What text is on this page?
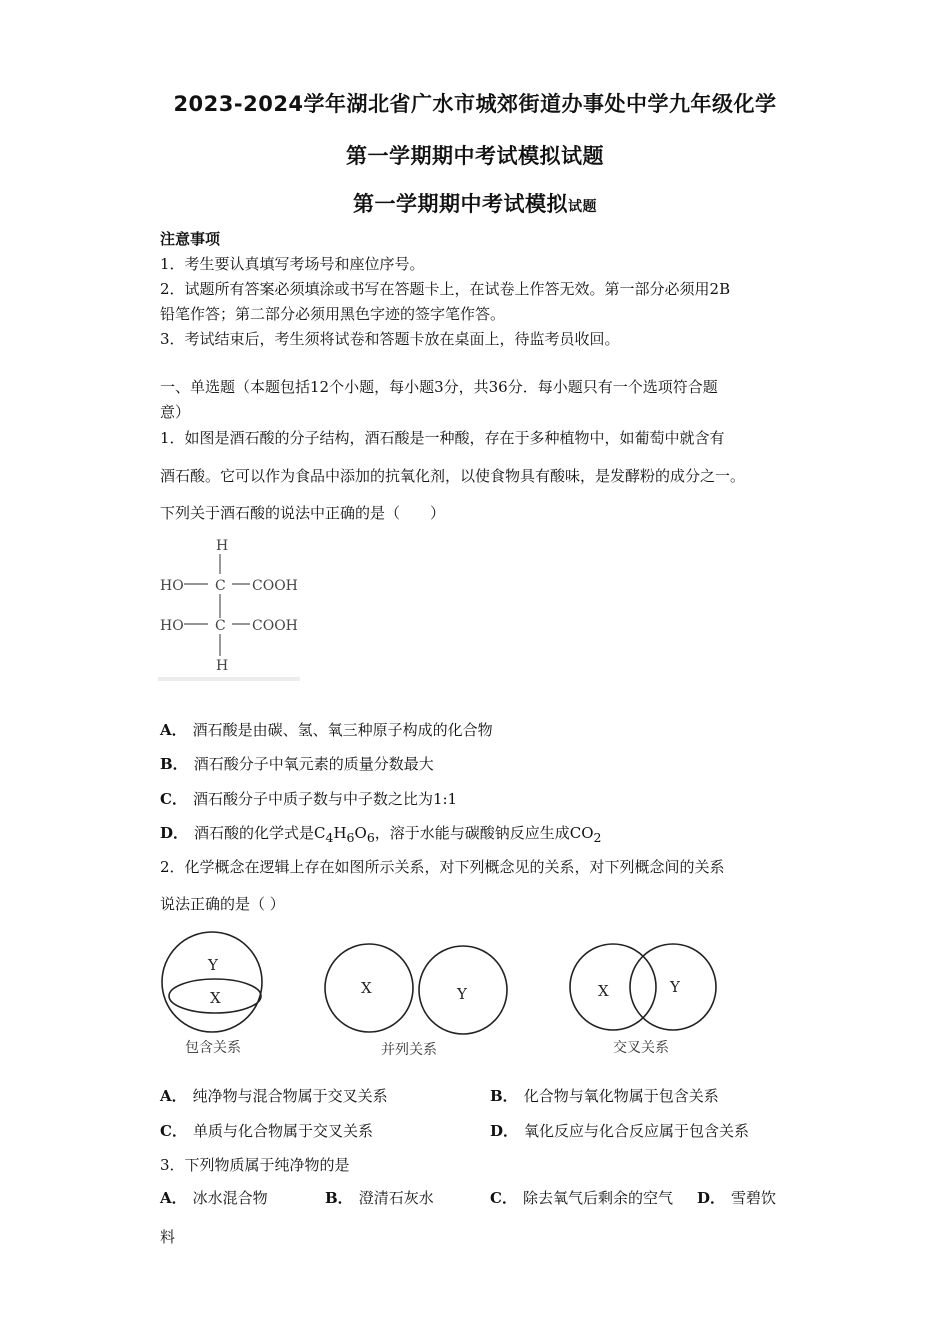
2023-2024学年湖北省广水市城郊街道办事处中学九年级化学
第一学期期中考试模拟试题
第一学期期中考试模拟试题
注意事项
1．考生要认真填写考场号和座位序号。
2．试题所有答案必须填涂或书写在答题卡上，在试卷上作答无效。第一部分必须用2B
铅笔作答；第二部分必须用黑色字迹的签字笔作答。
3．考试结束后，考生须将试卷和答题卡放在桌面上，待监考员收回。
一、单选题（本题包括12个小题，每小题3分，共36分．每小题只有一个选项符合题
意）
1．如图是酒石酸的分子结构，酒石酸是一种酸，存在于多种植物中，如葡萄中就含有
酒石酸。它可以作为食品中添加的抗氧化剂，以使食物具有酸味，是发酵粉的成分之一。
下列关于酒石酸的说法中正确的是（　　）
H
HO C COOH
HO C COOH
H
A． 酒石酸是由碳、氢、氧三种原子构成的化合物
B． 酒石酸分子中氧元素的质量分数最大
C． 酒石酸分子中质子数与中子数之比为1:1
D． 酒石酸的化学式是$C_4H_6O_6$，溶于水能与碳酸钠反应生成$CO_2$
2．化学概念在逻辑上存在如图所示关系，对下列概念见的关系，对下列概念间的关系
说法正确的是（ ）
Y
X
包含关系
X	Y
并列关系
X	Y
交叉关系
A． 纯净物与混合物属于交叉关系	B． 化合物与氧化物属于包含关系
C． 单质与化合物属于交叉关系	D． 氧化反应与化合反应属于包含关系
3．下列物质属于纯净物的是
A． 冰水混合物	B． 澄清石灰水	C． 除去氧气后剩余的空气 D． 雪碧饮
料
